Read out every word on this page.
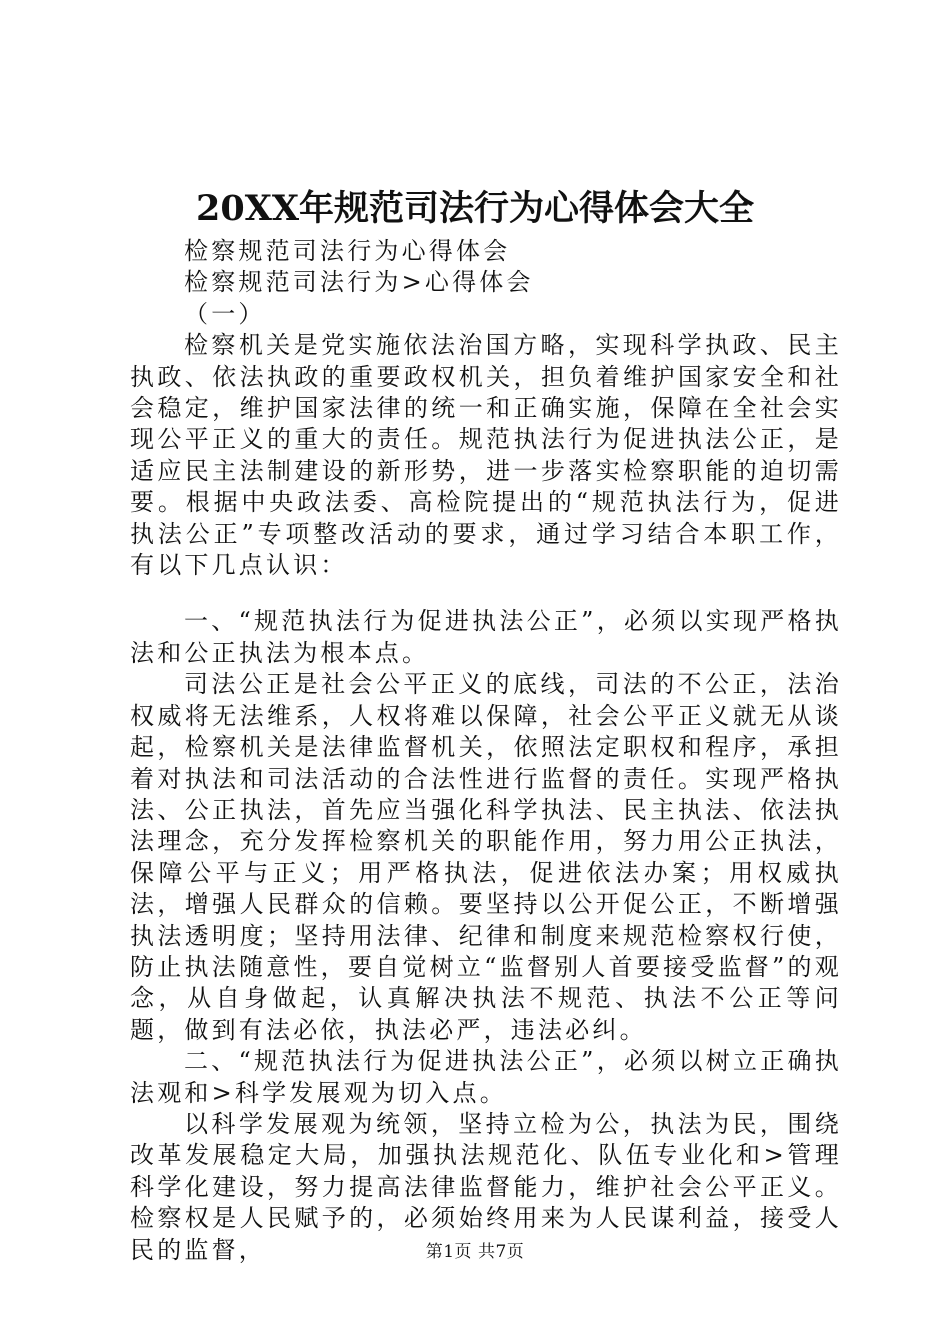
20XX年规范司法行为心得体会大全

检察规范司法行为心得体会

检察规范司法行为>心得体会

（一）

检察机关是党实施依法治国方略，实现科学执政、民主执政、依法执政的重要政权机关，担负着维护国家安全和社会稳定，维护国家法律的统一和正确实施，保障在全社会实现公平正义的重大的责任。规范执法行为促进执法公正，是适应民主法制建设的新形势，进一步落实检察职能的迫切需要。根据中央政法委、高检院提出的“规范执法行为，促进执法公正”专项整改活动的要求，通过学习结合本职工作，有以下几点认识：

一、“规范执法行为促进执法公正”，必须以实现严格执法和公正执法为根本点。

司法公正是社会公平正义的底线，司法的不公正，法治权威将无法维系，人权将难以保障，社会公平正义就无从谈起，检察机关是法律监督机关，依照法定职权和程序，承担着对执法和司法活动的合法性进行监督的责任。实现严格执法、公正执法，首先应当强化科学执法、民主执法、依法执法理念，充分发挥检察机关的职能作用，努力用公正执法，保障公平与正义；用严格执法，促进依法办案；用权威执法，增强人民群众的信赖。要坚持以公开促公正，不断增强执法透明度；坚持用法律、纪律和制度来规范检察权行使，防止执法随意性，要自觉树立“监督别人首要接受监督”的观念，从自身做起，认真解决执法不规范、执法不公正等问题，做到有法必依，执法必严，违法必纠。

二、“规范执法行为促进执法公正”，必须以树立正确执法观和>科学发展观为切入点。

以科学发展观为统领，坚持立检为公，执法为民，围绕改革发展稳定大局，加强执法规范化、队伍专业化和>管理科学化建设，努力提高法律监督能力，维护社会公平正义。检察权是人民赋予的，必须始终用来为人民谋利益，接受人民的监督，	第1页 共7页
